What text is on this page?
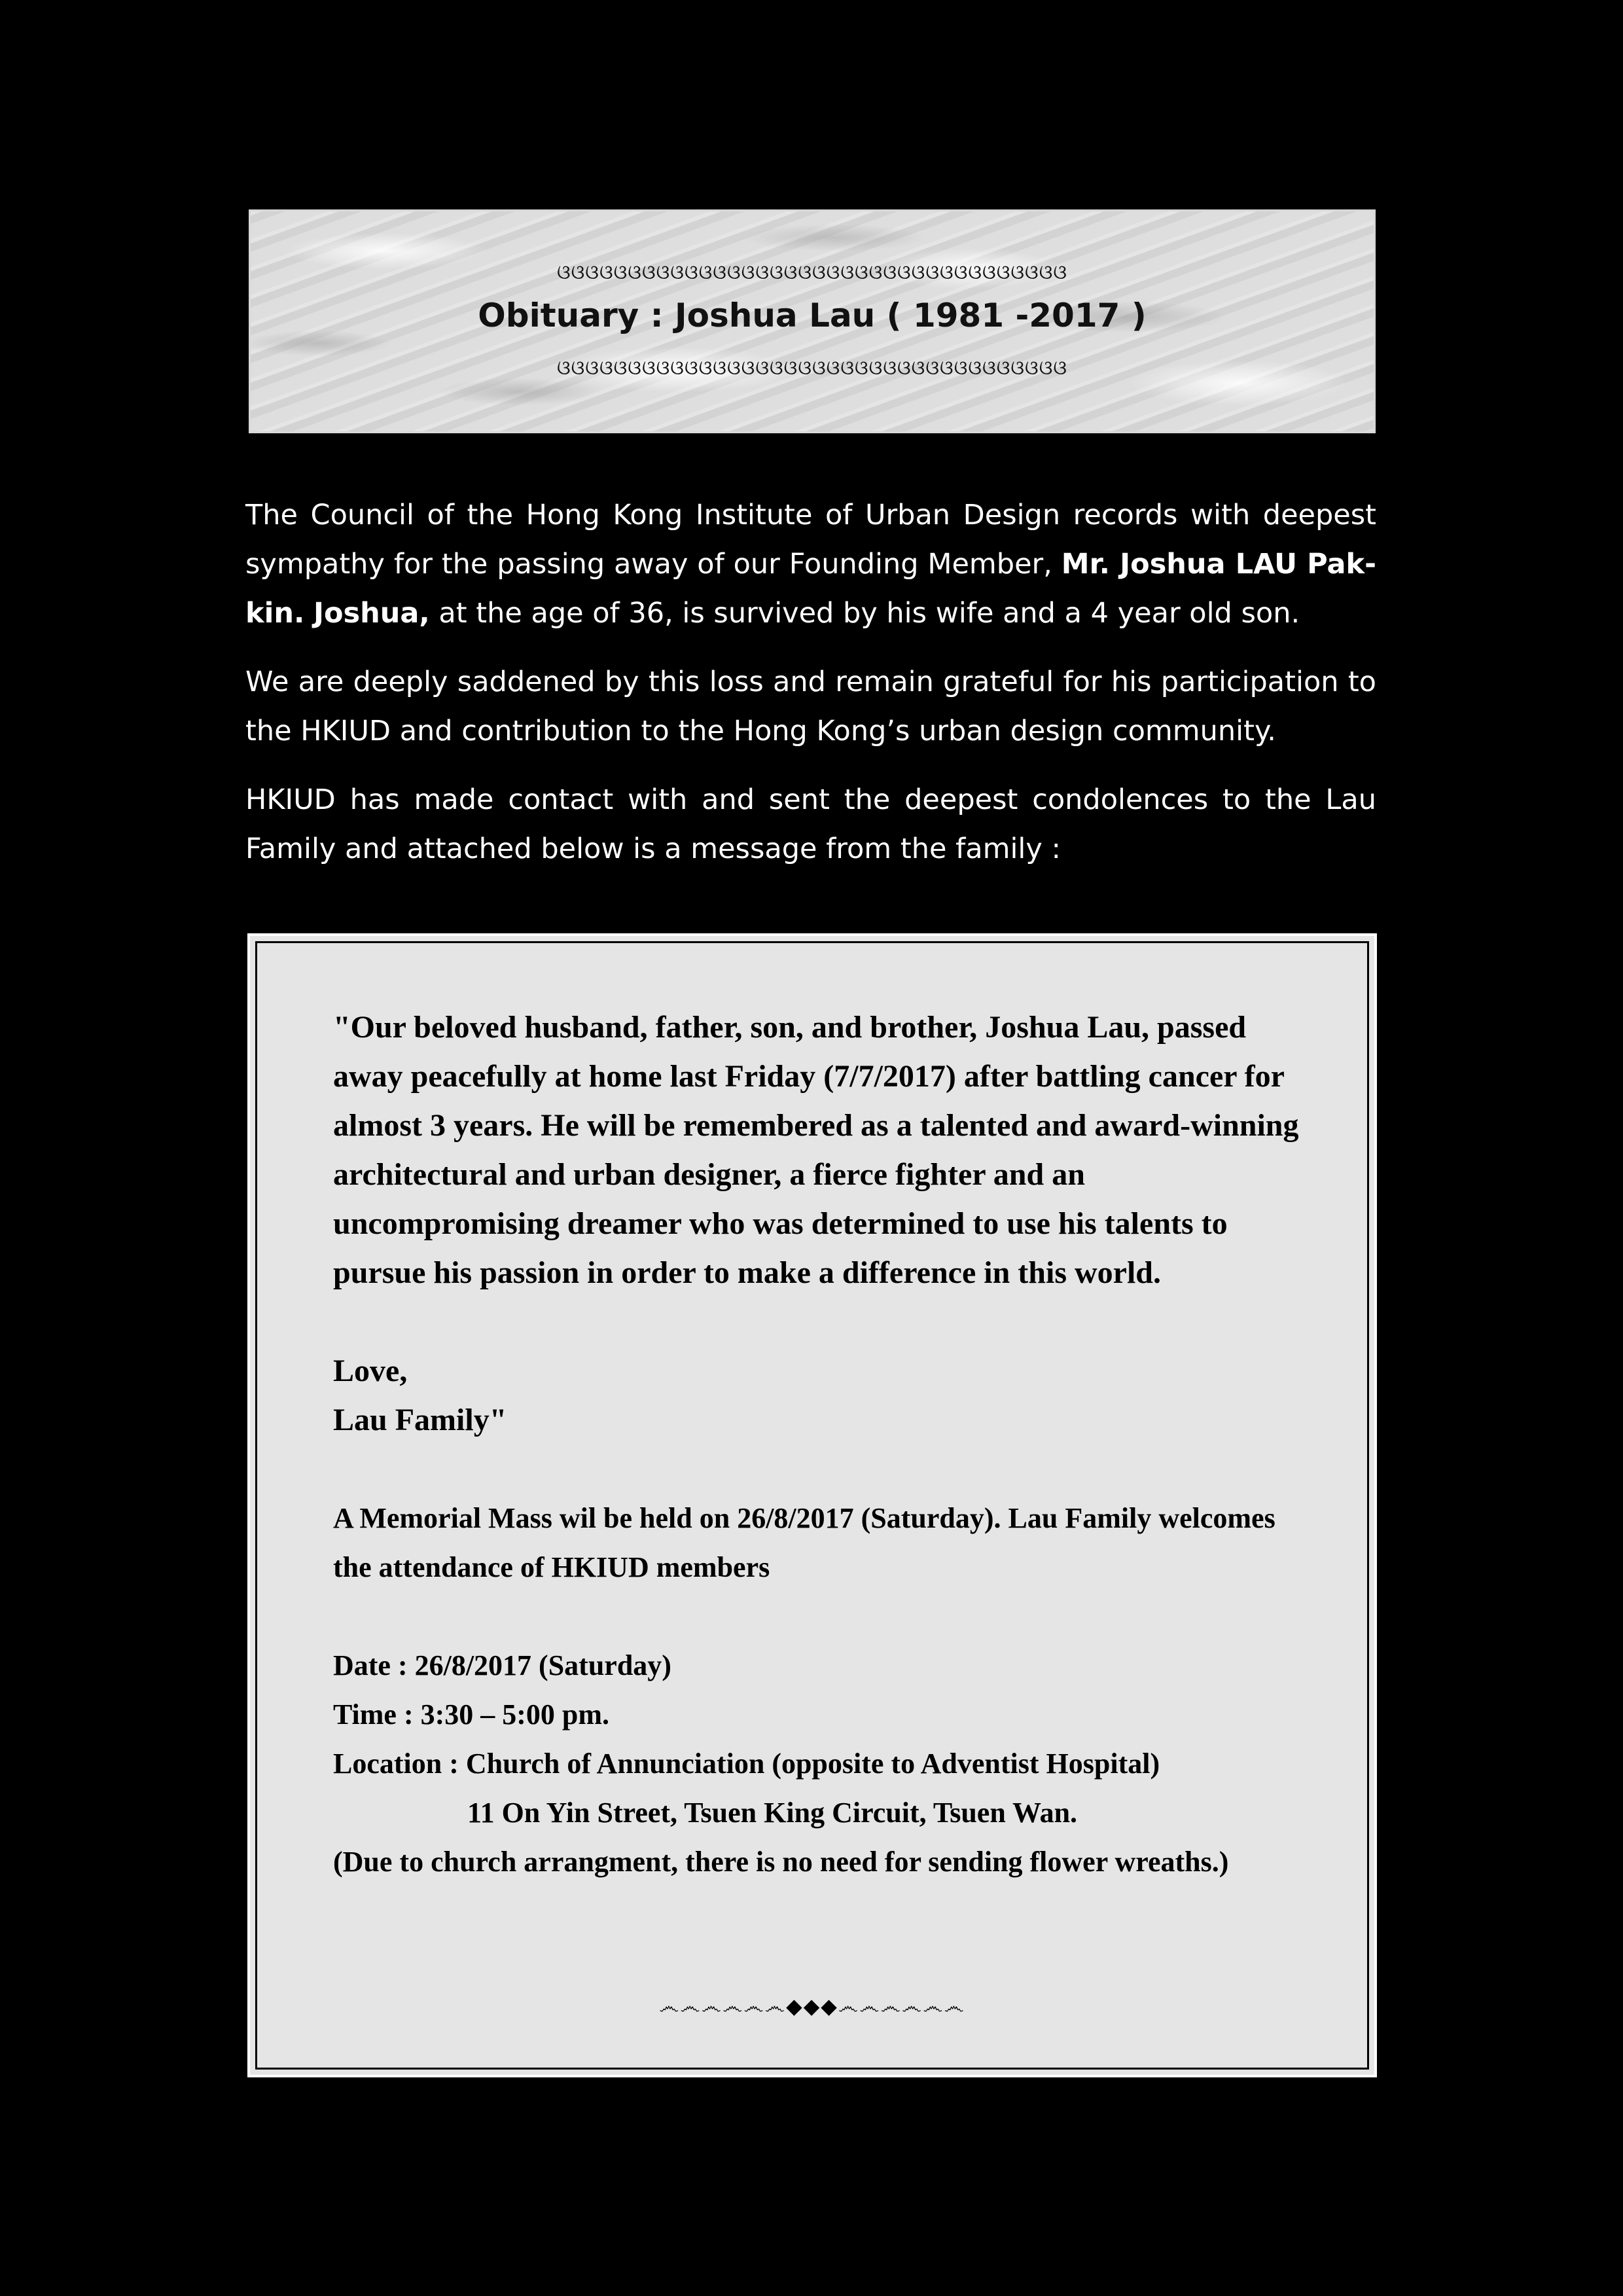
ଓଓଓଓଓଓଓଓଓଓଓଓଓଓଓଓଓଓଓଓଓଓଓଓଓଓଓଓଓଓଓଓଓଓଓଓ
Obituary : Joshua Lau ( 1981 -2017 )
ଓଓଓଓଓଓଓଓଓଓଓଓଓଓଓଓଓଓଓଓଓଓଓଓଓଓଓଓଓଓଓଓଓଓଓଓ

The Council of the Hong Kong Institute of Urban Design records with deepest sympathy for the passing away of our Founding Member, Mr. Joshua LAU Pak-kin. Joshua, at the age of 36, is survived by his wife and a 4 year old son.

We are deeply saddened by this loss and remain grateful for his participation to the HKIUD and contribution to the Hong Kong’s urban design community.

HKIUD has made contact with and sent the deepest condolences to the Lau Family and attached below is a message from the family :

"Our beloved husband, father, son, and brother, Joshua Lau, passed away peacefully at home last Friday (7/7/2017) after battling cancer for almost 3 years. He will be remembered as a talented and award-winning architectural and urban designer, a fierce fighter and an uncompromising dreamer who was determined to use his talents to pursue his passion in order to make a difference in this world.

Love,
Lau Family"

A Memorial Mass wil be held on 26/8/2017 (Saturday). Lau Family welcomes the attendance of HKIUD members

Date : 26/8/2017 (Saturday)
Time : 3:30 – 5:00 pm.
Location : Church of Annunciation (opposite to Adventist Hospital)
11 On Yin Street, Tsuen King Circuit, Tsuen Wan.
(Due to church arrangment, there is no need for sending flower wreaths.)
෴෴෴෴෴෴◆◆◆෴෴෴෴෴෴
